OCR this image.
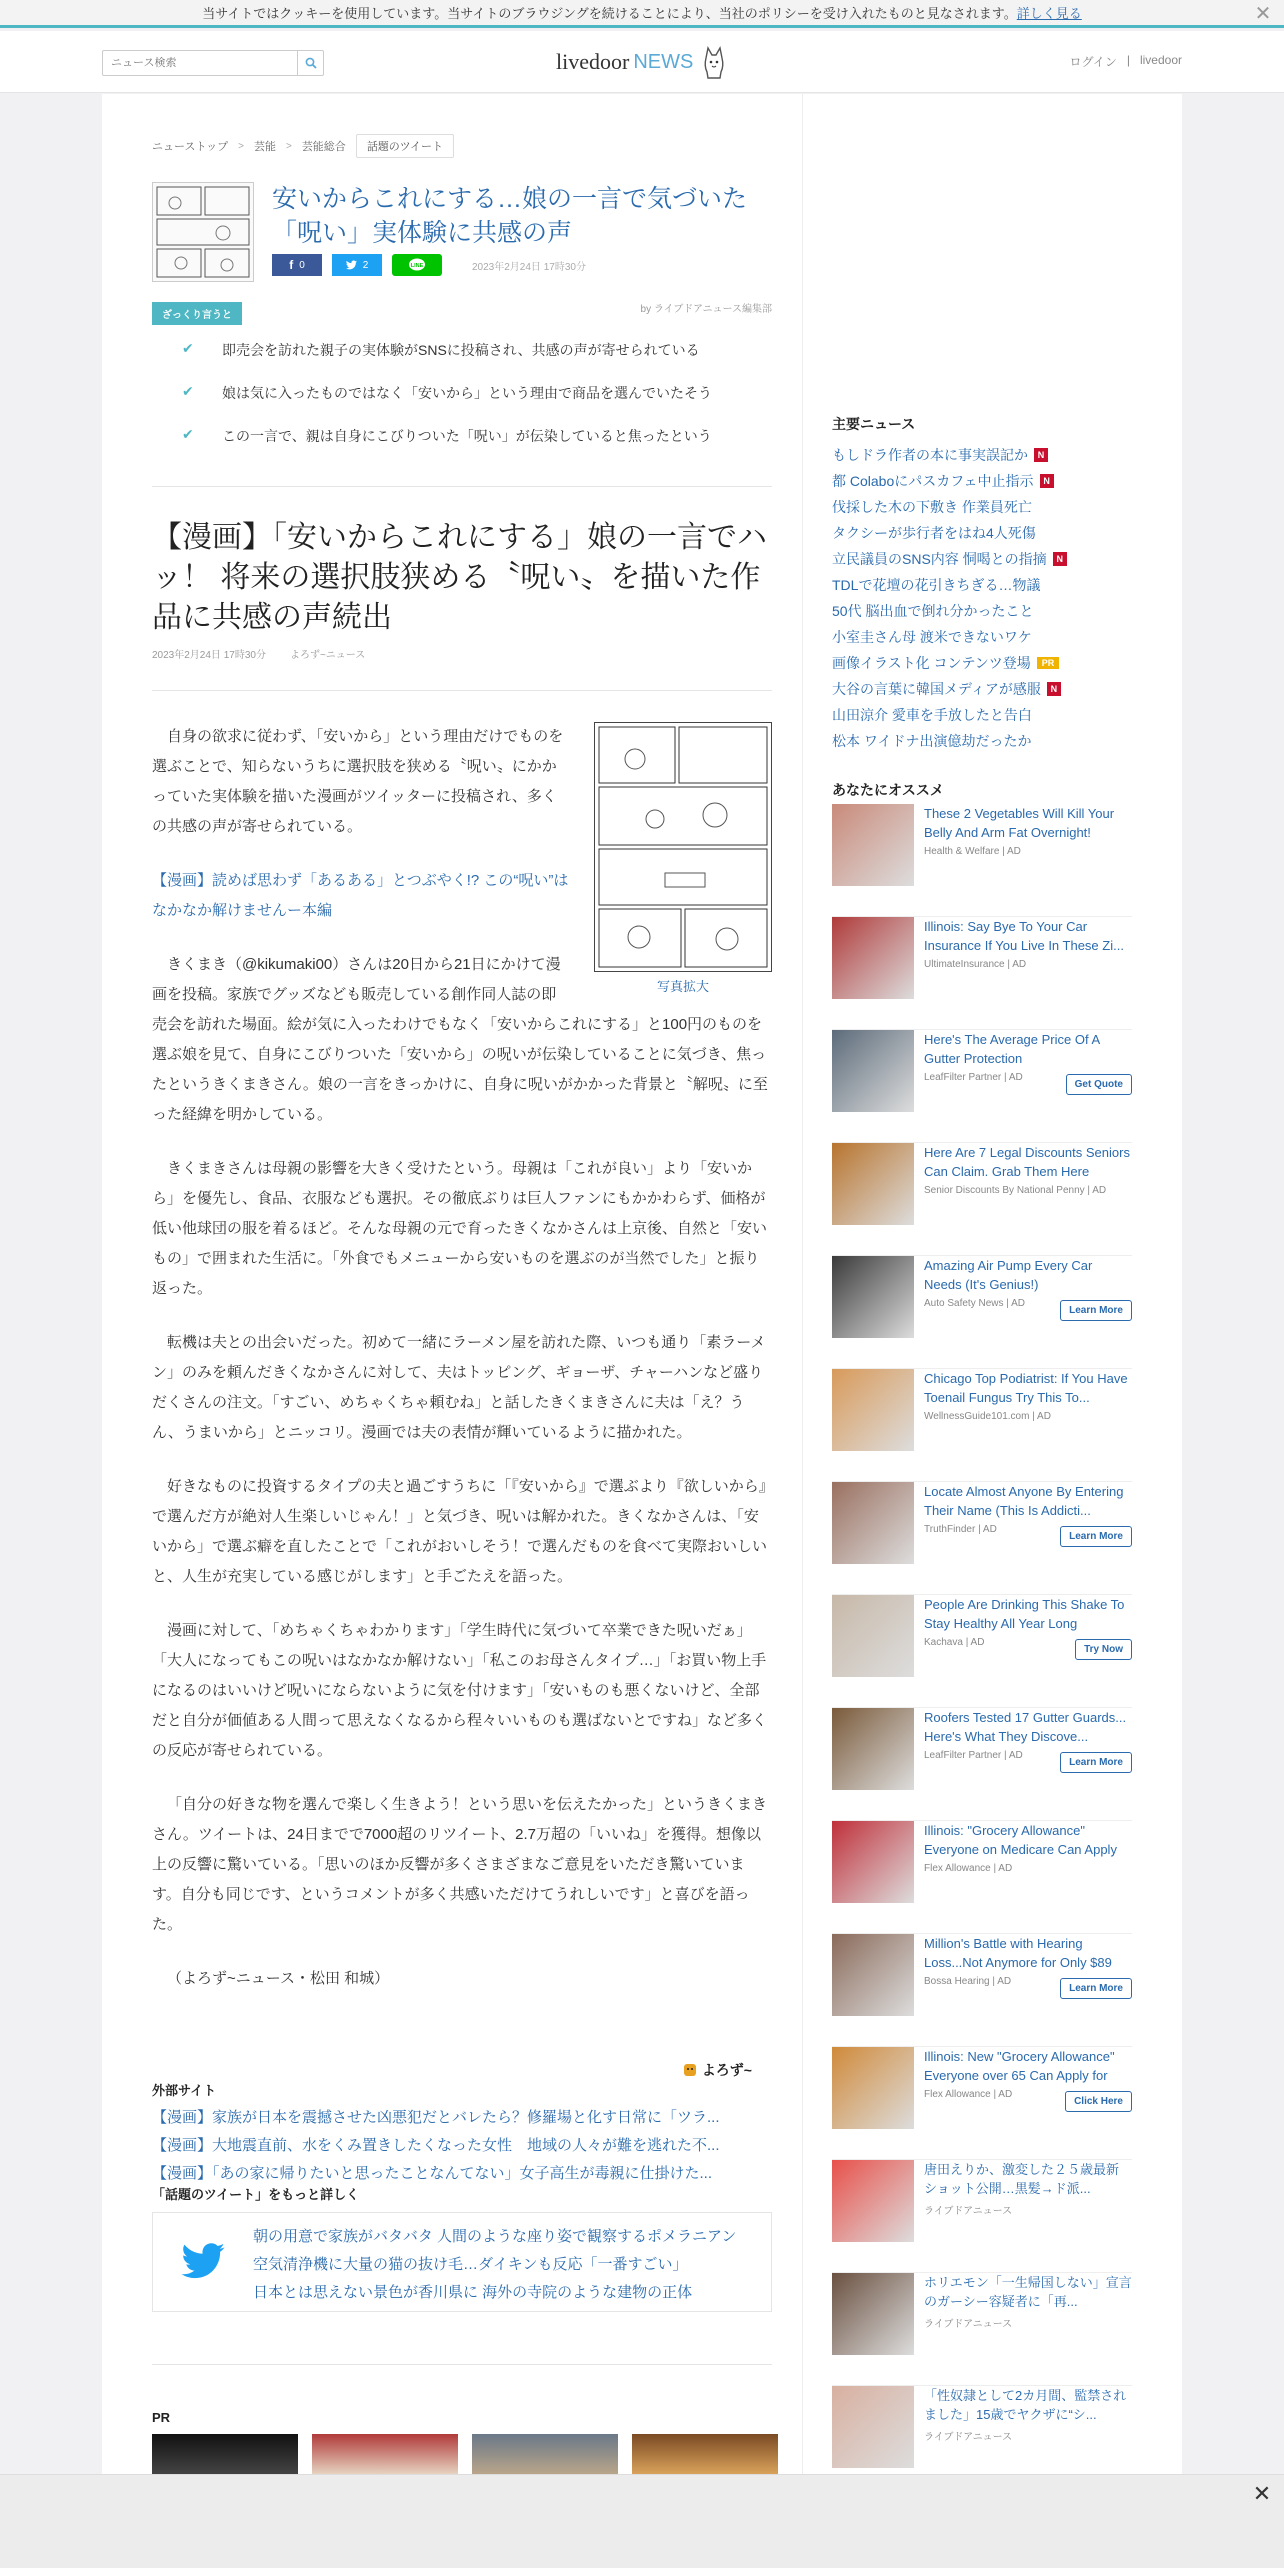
当サイトではクッキーを使用しています。当サイトのブラウジングを続けることにより、当社のポリシーを受け入れたものと見なされます。詳しく見る	✕
ニュース検索
livedoor NEWS	ログイン | livedoor
ニューストップ > 芸能 > 芸能総合	話題のツイート
安いからこれにする…娘の一言で気づいた「呪い」実体験に共感の声
f 0	2	LINE	2023年2月24日 17時30分
by ライブドアニュース編集部
ざっくり言うと
✔ 即売会を訪れた親子の実体験がSNSに投稿され、共感の声が寄せられている
✔ 娘は気に入ったものではなく「安いから」という理由で商品を選んでいたそう
✔ この一言で、親は自身にこびりついた「呪い」が伝染していると焦ったという
【漫画】「安いからこれにする」娘の一言でハッ！ 将来の選択肢狭める〝呪い〟を描いた作品に共感の声続出
2023年2月24日 17時30分 よろず~ニュース
写真拡大

自身の欲求に従わず、「安いから」という理由だけでものを選ぶことで、知らないうちに選択肢を狭める〝呪い〟にかかっていた実体験を描いた漫画がツイッターに投稿され、多くの共感の声が寄せられている。

【漫画】読めば思わず「あるある」とつぶやく!? この“呪い”はなかなか解けませんー本編

きくまき（@kikumaki00）さんは20日から21日にかけて漫画を投稿。家族でグッズなども販売している創作同人誌の即売会を訪れた場面。絵が気に入ったわけでもなく「安いからこれにする」と100円のものを選ぶ娘を見て、自身にこびりついた「安いから」の呪いが伝染していることに気づき、焦ったというきくまきさん。娘の一言をきっかけに、自身に呪いがかかった背景と〝解呪〟に至った経緯を明かしている。

きくまきさんは母親の影響を大きく受けたという。母親は「これが良い」より「安いから」を優先し、食品、衣服なども選択。その徹底ぶりは巨人ファンにもかかわらず、価格が低い他球団の服を着るほど。そんな母親の元で育ったきくなかさんは上京後、自然と「安いもの」で囲まれた生活に。「外食でもメニューから安いものを選ぶのが当然でした」と振り返った。

転機は夫との出会いだった。初めて一緒にラーメン屋を訪れた際、いつも通り「素ラーメン」のみを頼んだきくなかさんに対して、夫はトッピング、ギョーザ、チャーハンなど盛りだくさんの注文。「すごい、めちゃくちゃ頼むね」と話したきくまきさんに夫は「え？うん、うまいから」とニッコリ。漫画では夫の表情が輝いているように描かれた。

好きなものに投資するタイプの夫と過ごすうちに「『安いから』で選ぶより『欲しいから』で選んだ方が絶対人生楽しいじゃん！」と気づき、呪いは解かれた。きくなかさんは、「安いから」で選ぶ癖を直したことで「これがおいしそう！で選んだものを食べて実際おいしいと、人生が充実している感じがします」と手ごたえを語った。

漫画に対して、「めちゃくちゃわかります」「学生時代に気づいて卒業できた呪いだぁ」「大人になってもこの呪いはなかなか解けない」「私このお母さんタイプ…」「お買い物上手になるのはいいけど呪いにならないように気を付けます」「安いものも悪くないけど、全部だと自分が価値ある人間って思えなくなるから程々いいものも選ばないとですね」など多くの反応が寄せられている。

「自分の好きな物を選んで楽しく生きよう！という思いを伝えたかった」というきくまきさん。ツイートは、24日までで7000超のリツイート、2.7万超の「いいね」を獲得。想像以上の反響に驚いている。「思いのほか反響が多くさまざまなご意見をいただき驚いています。自分も同じです、というコメントが多く共感いただけてうれしいです」と喜びを語った。

（よろず~ニュース・松田 和城）

よろず~
外部サイト
【漫画】家族が日本を震撼させた凶悪犯だとバレたら？修羅場と化す日常に「ツラ...
【漫画】大地震直前、水をくみ置きしたくなった女性　地域の人々が難を逃れた不...
【漫画】「あの家に帰りたいと思ったことなんてない」女子高生が毒親に仕掛けた...
「話題のツイート」をもっと詳しく
朝の用意で家族がバタバタ 人間のような座り姿で観察するポメラニアン
空気清浄機に大量の猫の抜け毛…ダイキンも反応「一番すごい」
日本とは思えない景色が香川県に 海外の寺院のような建物の正体
PR
主要ニュース
もしドラ作者の本に事実誤記か	N
都 Colaboにパスカフェ中止指示	N
伐採した木の下敷き 作業員死亡
タクシーが歩行者をはね4人死傷
立民議員のSNS内容 恫喝との指摘	N
TDLで花壇の花引きちぎる…物議
50代 脳出血で倒れ分かったこと
小室圭さん母 渡米できないワケ
画像イラスト化 コンテンツ登場	PR
大谷の言葉に韓国メディアが感服	N
山田涼介 愛車を手放したと告白
松本 ワイドナ出演億劫だったか
あなたにオススメ
These 2 Vegetables Will Kill Your Belly And Arm Fat Overnight!
Health & Welfare | AD
Illinois: Say Bye To Your Car Insurance If You Live In These Zi...
UltimateInsurance | AD
Here's The Average Price Of A Gutter Protection
LeafFilter Partner | AD
Get Quote
Here Are 7 Legal Discounts Seniors Can Claim. Grab Them Here
Senior Discounts By National Penny | AD
Amazing Air Pump Every Car Needs (It's Genius!)
Auto Safety News | AD
Learn More
Chicago Top Podiatrist: If You Have Toenail Fungus Try This To...
WellnessGuide101.com | AD
Locate Almost Anyone By Entering Their Name (This Is Addicti...
TruthFinder | AD
Learn More
People Are Drinking This Shake To Stay Healthy All Year Long
Kachava | AD
Try Now
Roofers Tested 17 Gutter Guards... Here's What They Discove...
LeafFilter Partner | AD
Learn More
Illinois: "Grocery Allowance" Everyone on Medicare Can Apply
Flex Allowance | AD
Million's Battle with Hearing Loss...Not Anymore for Only $89
Bossa Hearing | AD
Learn More
Illinois: New "Grocery Allowance" Everyone over 65 Can Apply for
Flex Allowance | AD
Click Here
唐田えりか、激変した２５歳最新ショット公開…黒髪→ド派...
ライブドアニュース
ホリエモン「一生帰国しない」宣言のガーシー容疑者に「再...
ライブドアニュース
「性奴隷として2カ月間、監禁されました」15歳でヤクザに“シ...
ライブドアニュース
✕
